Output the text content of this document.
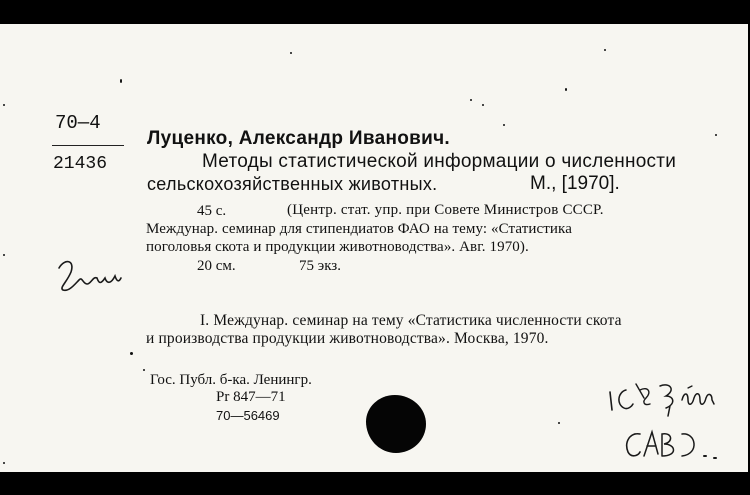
70—4
21436
Луценко, Александр Иванович.
Методы статистической информации о численности
сельскохозяйственных животных.	М., [1970].
45 с.	(Центр. стат. упр. при Совете Министров СССР.
Междунар. семинар для стипендиатов ФАО на тему: «Статистика
поголовья скота и продукции животноводства». Авг. 1970).
20 см.	75 экз.
I. Междунар. семинар на тему «Статистика численности скота
и производства продукции животноводства». Москва, 1970.
Гос. Публ. б-ка. Ленингр.
Pr 847—71
70—56469
